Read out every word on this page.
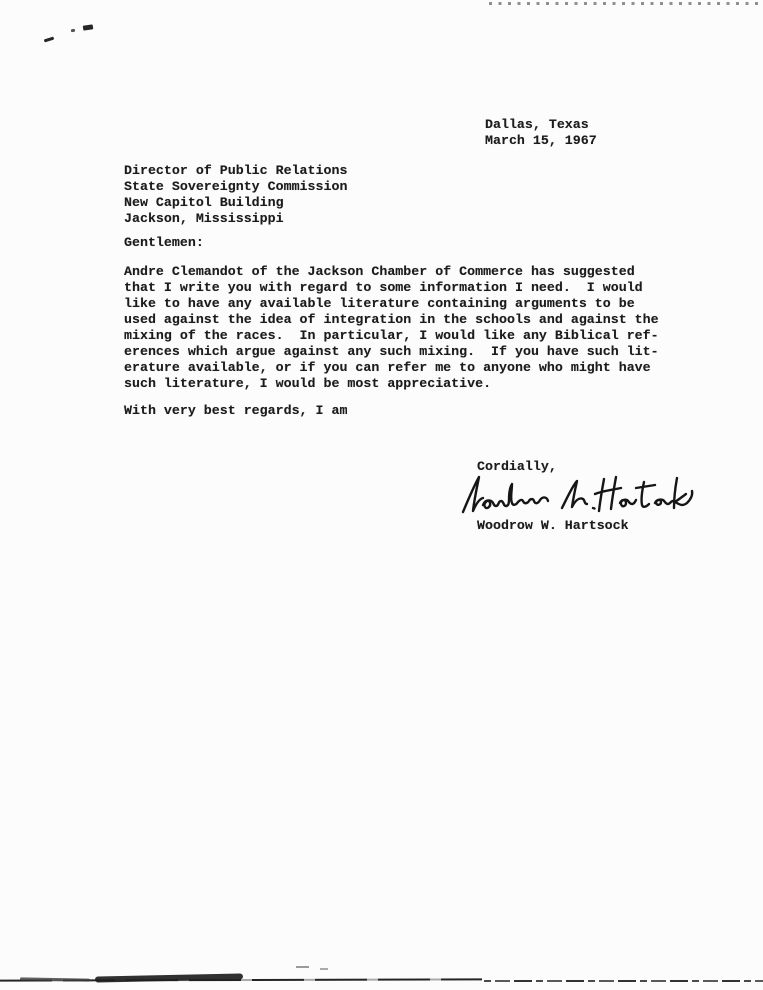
Dallas, Texas
March 15, 1967
Director of Public Relations
State Sovereignty Commission
New Capitol Building
Jackson, Mississippi
Gentlemen:
Andre Clemandot of the Jackson Chamber of Commerce has suggested
that I write you with regard to some information I need.  I would
like to have any available literature containing arguments to be
used against the idea of integration in the schools and against the
mixing of the races.  In particular, I would like any Biblical ref-
erences which argue against any such mixing.  If you have such lit-
erature available, or if you can refer me to anyone who might have
such literature, I would be most appreciative.
With very best regards, I am
Cordially,
Woodrow W. Hartsock
